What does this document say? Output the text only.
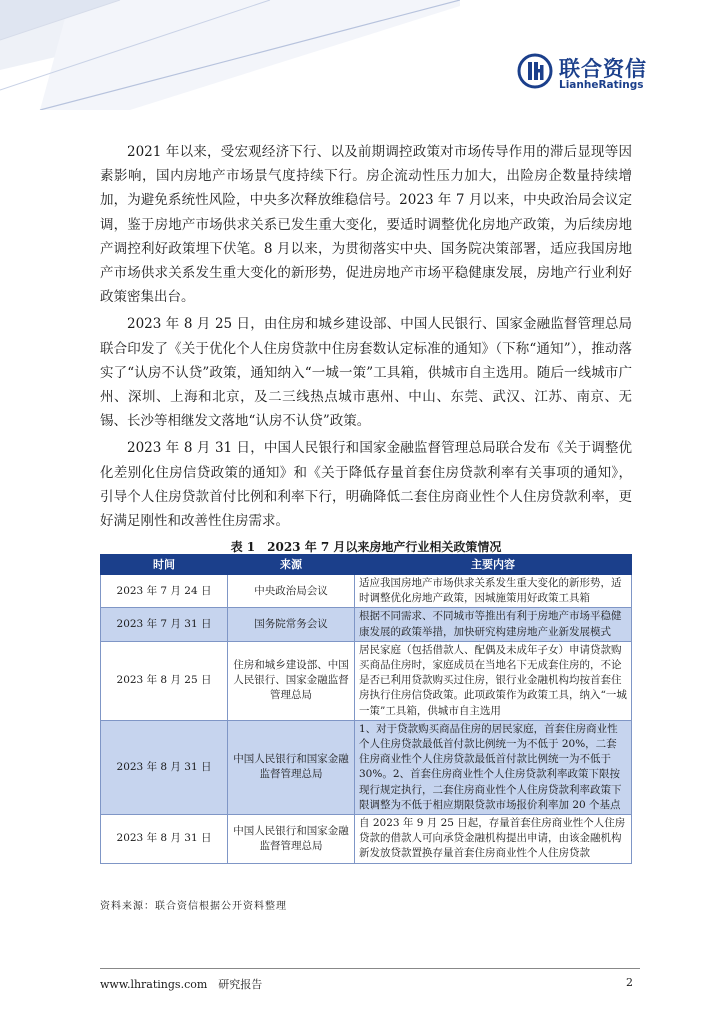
联合资信
LianheRatings

2021 年以来，受宏观经济下行、以及前期调控政策对市场传导作用的滞后显现等因素影响，国内房地产市场景气度持续下行。房企流动性压力加大，出险房企数量持续增加，为避免系统性风险，中央多次释放维稳信号。2023 年 7 月以来，中央政治局会议定调，鉴于房地产市场供求关系已发生重大变化，要适时调整优化房地产政策，为后续房地产调控利好政策埋下伏笔。8 月以来，为贯彻落实中央、国务院决策部署，适应我国房地产市场供求关系发生重大变化的新形势，促进房地产市场平稳健康发展，房地产行业利好政策密集出台。

2023 年 8 月 25 日，由住房和城乡建设部、中国人民银行、国家金融监督管理总局联合印发了《关于优化个人住房贷款中住房套数认定标准的通知》（下称“通知”），推动落实了“认房不认贷”政策，通知纳入“一城一策”工具箱，供城市自主选用。随后一线城市广州、深圳、上海和北京，及二三线热点城市惠州、中山、东莞、武汉、江苏、南京、无锡、长沙等相继发文落地“认房不认贷”政策。

2023 年 8 月 31 日，中国人民银行和国家金融监督管理总局联合发布《关于调整优化差别化住房信贷政策的通知》和《关于降低存量首套住房贷款利率有关事项的通知》，引导个人住房贷款首付比例和利率下行，明确降低二套住房商业性个人住房贷款利率，更好满足刚性和改善性住房需求。

表 1　2023 年 7 月以来房地产行业相关政策情况
时间	来源	主要内容
2023 年 7 月 24 日	中央政治局会议	适应我国房地产市场供求关系发生重大变化的新形势，适时调整优化房地产政策，因城施策用好政策工具箱
2023 年 7 月 31 日	国务院常务会议	根据不同需求、不同城市等推出有利于房地产市场平稳健康发展的政策举措，加快研究构建房地产业新发展模式
2023 年 8 月 25 日	住房和城乡建设部、中国人民银行、国家金融监督管理总局	居民家庭（包括借款人、配偶及未成年子女）申请贷款购买商品住房时，家庭成员在当地名下无成套住房的，不论是否已利用贷款购买过住房，银行业金融机构均按首套住房执行住房信贷政策。此项政策作为政策工具，纳入“一城一策”工具箱，供城市自主选用
2023 年 8 月 31 日	中国人民银行和国家金融监督管理总局	1、对于贷款购买商品住房的居民家庭，首套住房商业性个人住房贷款最低首付款比例统一为不低于 20%，二套住房商业性个人住房贷款最低首付款比例统一为不低于 30%。2、首套住房商业性个人住房贷款利率政策下限按现行规定执行，二套住房商业性个人住房贷款利率政策下限调整为不低于相应期限贷款市场报价利率加 20 个基点
2023 年 8 月 31 日	中国人民银行和国家金融监督管理总局	自 2023 年 9 月 25 日起，存量首套住房商业性个人住房贷款的借款人可向承贷金融机构提出申请，由该金融机构新发放贷款置换存量首套住房商业性个人住房贷款
资料来源：联合资信根据公开资料整理
www.lhratings.com　研究报告	2
